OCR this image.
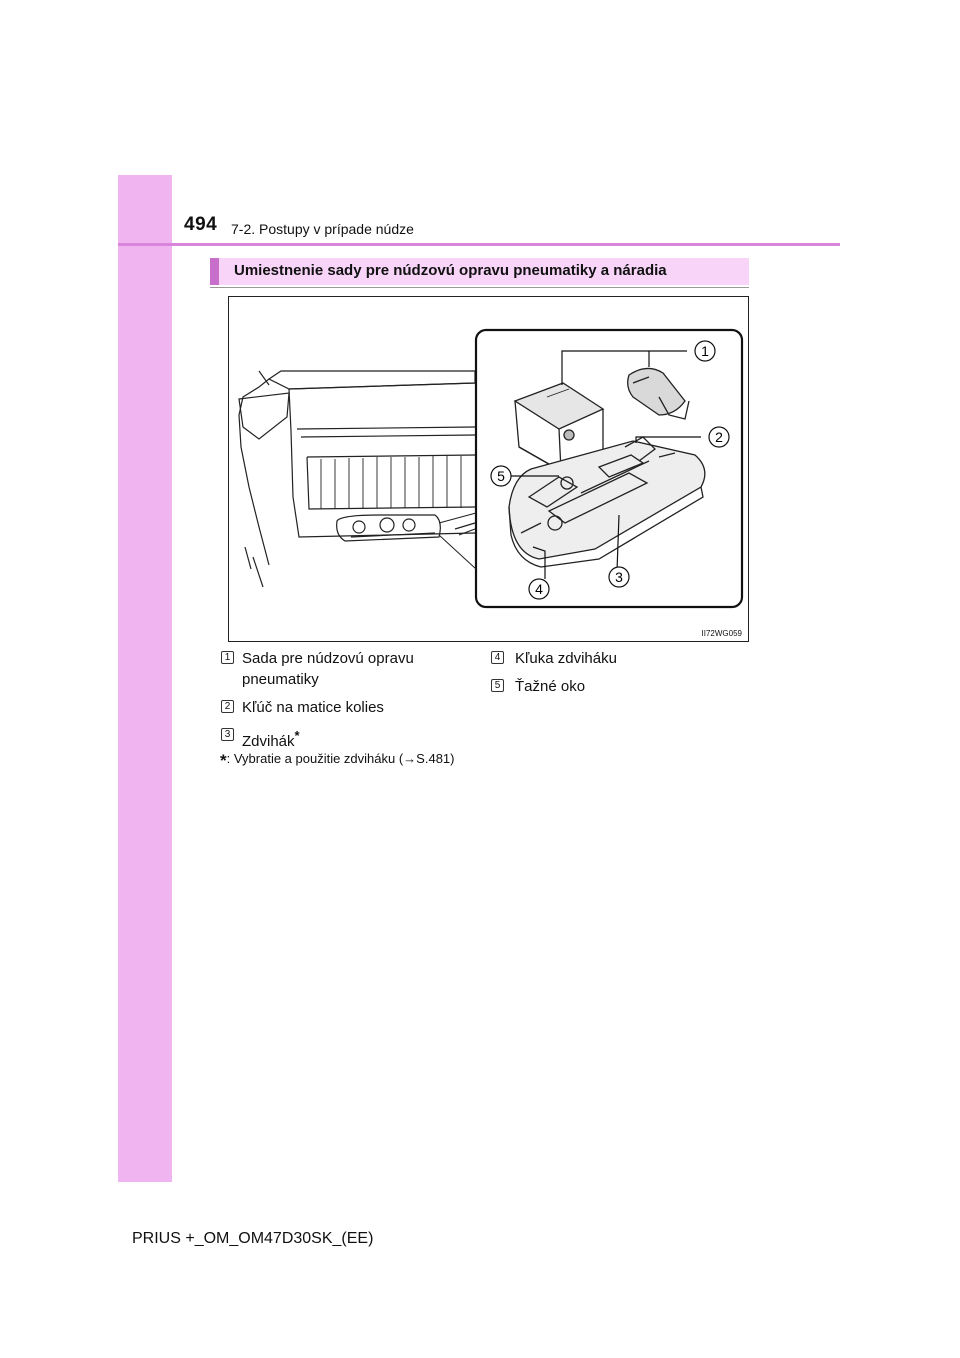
494 7-2. Postupy v prípade núdze
Umiestnenie sady pre núdzovú opravu pneumatiky a náradia
1
2
3
4
5
II72WG059
1 Sada pre núdzovú opravu pneumatiky
2 Kľúč na matice kolies
3 Zdvihák*
4 Kľuka zdviháku
5 Ťažné oko
*: Vybratie a použitie zdviháku (→S.481)
PRIUS +_OM_OM47D30SK_(EE)
